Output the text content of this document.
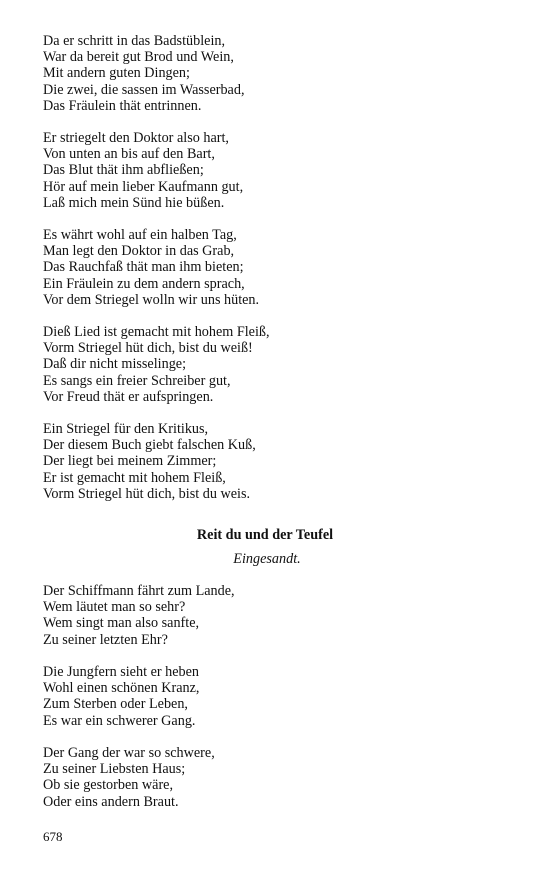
Da er schritt in das Badstüblein,
War da bereit gut Brod und Wein,
Mit andern guten Dingen;
Die zwei, die sassen im Wasserbad,
Das Fräulein thät entrinnen.
Er striegelt den Doktor also hart,
Von unten an bis auf den Bart,
Das Blut thät ihm abfließen;
Hör auf mein lieber Kaufmann gut,
Laß mich mein Sünd hie büßen.
Es währt wohl auf ein halben Tag,
Man legt den Doktor in das Grab,
Das Rauchfaß thät man ihm bieten;
Ein Fräulein zu dem andern sprach,
Vor dem Striegel wolln wir uns hüten.
Dieß Lied ist gemacht mit hohem Fleiß,
Vorm Striegel hüt dich, bist du weiß!
Daß dir nicht misselinge;
Es sangs ein freier Schreiber gut,
Vor Freud thät er aufspringen.
Ein Striegel für den Kritikus,
Der diesem Buch giebt falschen Kuß,
Der liegt bei meinem Zimmer;
Er ist gemacht mit hohem Fleiß,
Vorm Striegel hüt dich, bist du weis.
Reit du und der Teufel
Eingesandt.
Der Schiffmann fährt zum Lande,
Wem läutet man so sehr?
Wem singt man also sanfte,
Zu seiner letzten Ehr?
Die Jungfern sieht er heben
Wohl einen schönen Kranz,
Zum Sterben oder Leben,
Es war ein schwerer Gang.
Der Gang der war so schwere,
Zu seiner Liebsten Haus;
Ob sie gestorben wäre,
Oder eins andern Braut.
678
